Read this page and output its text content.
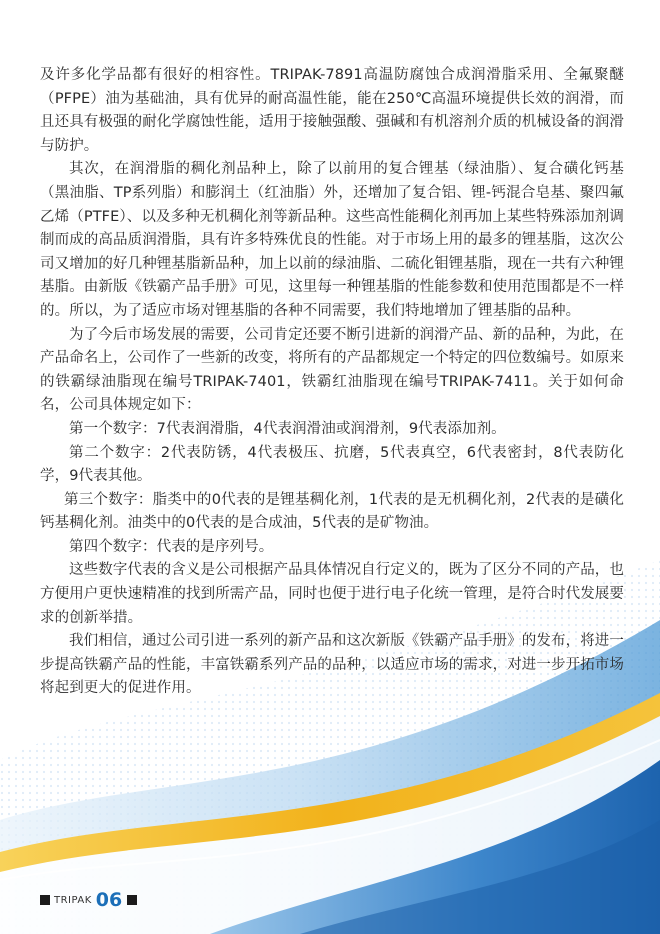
及许多化学品都有很好的相容性。TRIPAK-7891高温防腐蚀合成润滑脂采用、全氟聚醚（PFPE）油为基础油，具有优异的耐高温性能，能在250℃高温环境提供长效的润滑，而且还具有极强的耐化学腐蚀性能，适用于接触强酸、强碱和有机溶剂介质的机械设备的润滑与防护。

其次，在润滑脂的稠化剂品种上，除了以前用的复合锂基（绿油脂）、复合磺化钙基（黑油脂、TP系列脂）和膨润土（红油脂）外，还增加了复合铝、锂-钙混合皂基、聚四氟乙烯（PTFE）、以及多种无机稠化剂等新品种。这些高性能稠化剂再加上某些特殊添加剂调制而成的高品质润滑脂，具有许多特殊优良的性能。对于市场上用的最多的锂基脂，这次公司又增加的好几种锂基脂新品种，加上以前的绿油脂、二硫化钼锂基脂，现在一共有六种锂基脂。由新版《铁霸产品手册》可见，这里每一种锂基脂的性能参数和使用范围都是不一样的。所以，为了适应市场对锂基脂的各种不同需要，我们特地增加了锂基脂的品种。

为了今后市场发展的需要，公司肯定还要不断引进新的润滑产品、新的品种，为此，在产品命名上，公司作了一些新的改变，将所有的产品都规定一个特定的四位数编号。如原来的铁霸绿油脂现在编号TRIPAK-7401，铁霸红油脂现在编号TRIPAK-7411。关于如何命名，公司具体规定如下：

第一个数字：7代表润滑脂，4代表润滑油或润滑剂，9代表添加剂。

第二个数字：2代表防锈，4代表极压、抗磨，5代表真空，6代表密封，8代表防化学，9代表其他。

第三个数字：脂类中的0代表的是锂基稠化剂，1代表的是无机稠化剂，2代表的是磺化钙基稠化剂。油类中的0代表的是合成油，5代表的是矿物油。

第四个数字：代表的是序列号。

这些数字代表的含义是公司根据产品具体情况自行定义的，既为了区分不同的产品，也方便用户更快速精准的找到所需产品，同时也便于进行电子化统一管理，是符合时代发展要求的创新举措。

我们相信，通过公司引进一系列的新产品和这次新版《铁霸产品手册》的发布，将进一步提高铁霸产品的性能，丰富铁霸系列产品的品种，以适应市场的需求，对进一步开拓市场将起到更大的促进作用。

TRIPAK 06
